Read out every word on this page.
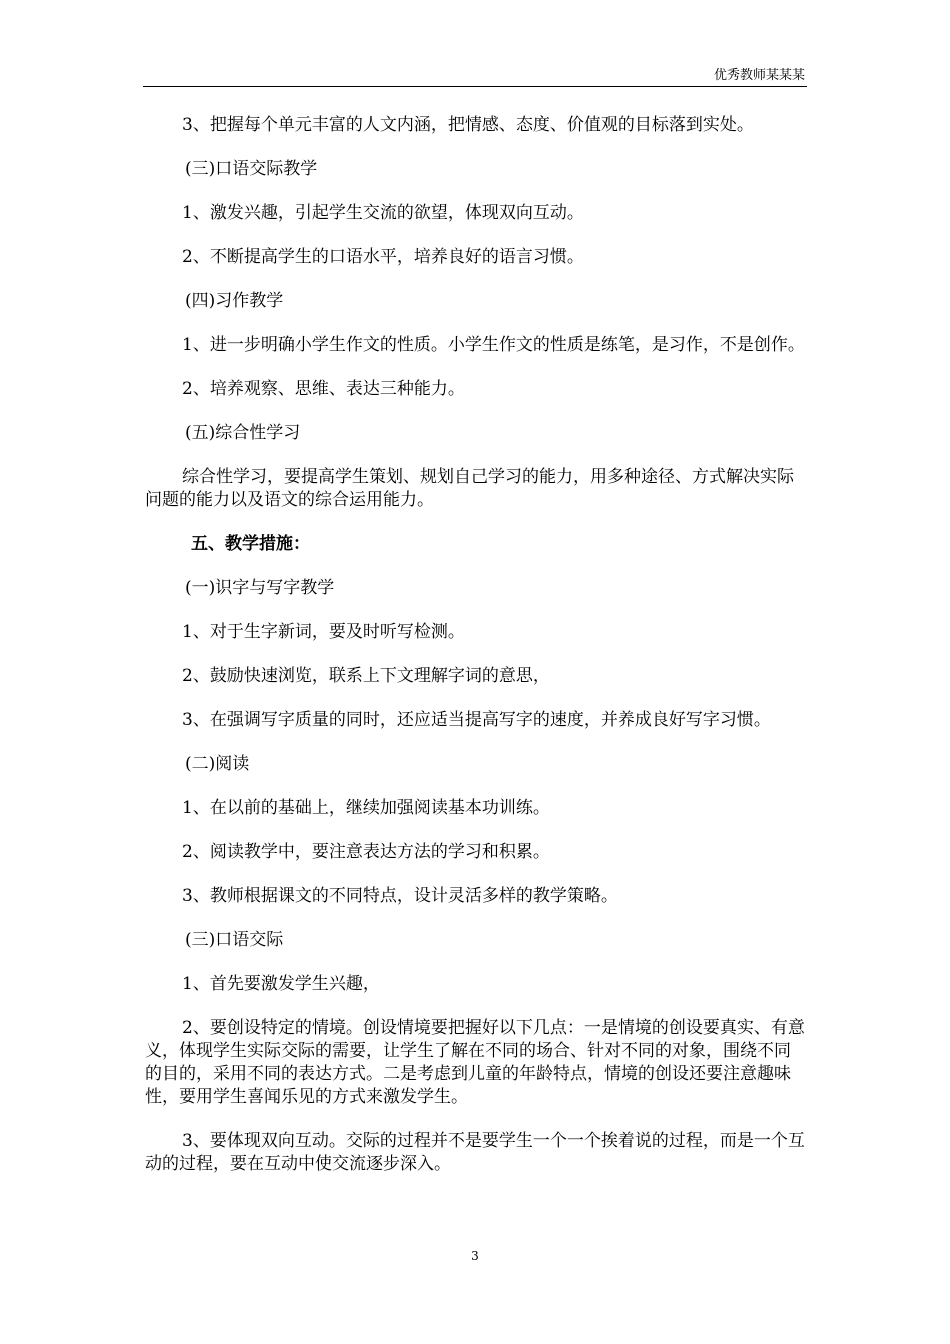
优秀教师某某某

3、把握每个单元丰富的人文内涵，把情感、态度、价值观的目标落到实处。

(三)口语交际教学

1、激发兴趣，引起学生交流的欲望，体现双向互动。

2、不断提高学生的口语水平，培养良好的语言习惯。

(四)习作教学

1、进一步明确小学生作文的性质。小学生作文的性质是练笔，是习作，不是创作。

2、培养观察、思维、表达三种能力。

(五)综合性学习

综合性学习，要提高学生策划、规划自己学习的能力，用多种途径、方式解决实际问题的能力以及语文的综合运用能力。

五、教学措施：

(一)识字与写字教学

1、对于生字新词，要及时听写检测。

2、鼓励快速浏览，联系上下文理解字词的意思，

3、在强调写字质量的同时，还应适当提高写字的速度，并养成良好写字习惯。

(二)阅读

1、在以前的基础上，继续加强阅读基本功训练。

2、阅读教学中，要注意表达方法的学习和积累。

3、教师根据课文的不同特点，设计灵活多样的教学策略。

(三)口语交际

1、首先要激发学生兴趣，

2、要创设特定的情境。创设情境要把握好以下几点：一是情境的创设要真实、有意义，体现学生实际交际的需要，让学生了解在不同的场合、针对不同的对象，围绕不同的目的，采用不同的表达方式。二是考虑到儿童的年龄特点，情境的创设还要注意趣味性，要用学生喜闻乐见的方式来激发学生。

3、要体现双向互动。交际的过程并不是要学生一个一个挨着说的过程，而是一个互动的过程，要在互动中使交流逐步深入。

3
